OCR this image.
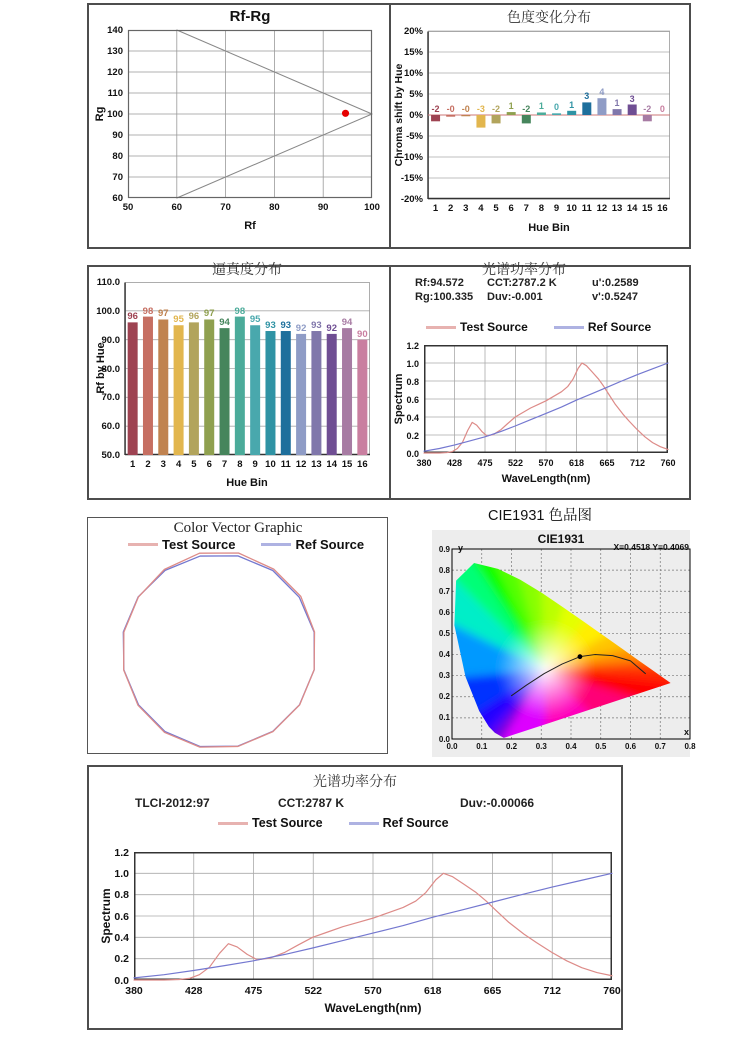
Rf-Rg
Rg
Rf
色度变化分布
Chroma shift by Hue
Hue Bin
逼真度分布
Rf by Hue
Hue Bin
光谱功率分布
Rf:94.572 CCT:2787.2 K	u':0.2589
Rg:100.335 Duv:-0.001	v':0.5247
Test Source	Ref Source
Spectrum
WaveLength(nm)
Color Vector Graphic
Test Source	Ref Source
CIE1931 色品图
CIE1931
X=0.4518 Y=0.4069
y
x
光谱功率分布
TLCI-2012:97	CCT:2787 K	Duv:-0.00066
Test Source	Ref Source
Spectrum
WaveLength(nm)
50	60	70	80	90	100
140
130
120
110
100
90
80
70
60
-2 -0 -0 -3 -2 1 -2 1 0 1
3 4
1 3
-2 0
1 2 3 4 5 6 7 8 9 10 11 12 13 14 15 16
20%
15%
10%
5%
0%
-5%
-10%
-15%
-20%
96
98 97
95 96 97
94
98
95
93 93 92 93 92
94
90
1 2 3 4 5 6 7 8 9 10 11 12 13 14 15 16
110.0
100.0
90.0
80.0
70.0
60.0
50.0
380 428 475 522 570 618 665 712 760
1.2
1.0
0.8
0.6
0.4
0.2
0.0
380	428	475	522	570	618	665	712	760
1.2
1.0
0.8
0.6
0.4
0.2
0.0
0.0 0.1 0.2 0.3 0.4 0.5 0.6 0.7 0.8
0.0
0.1
0.2
0.3
0.4
0.5
0.6
0.7
0.8
0.9
